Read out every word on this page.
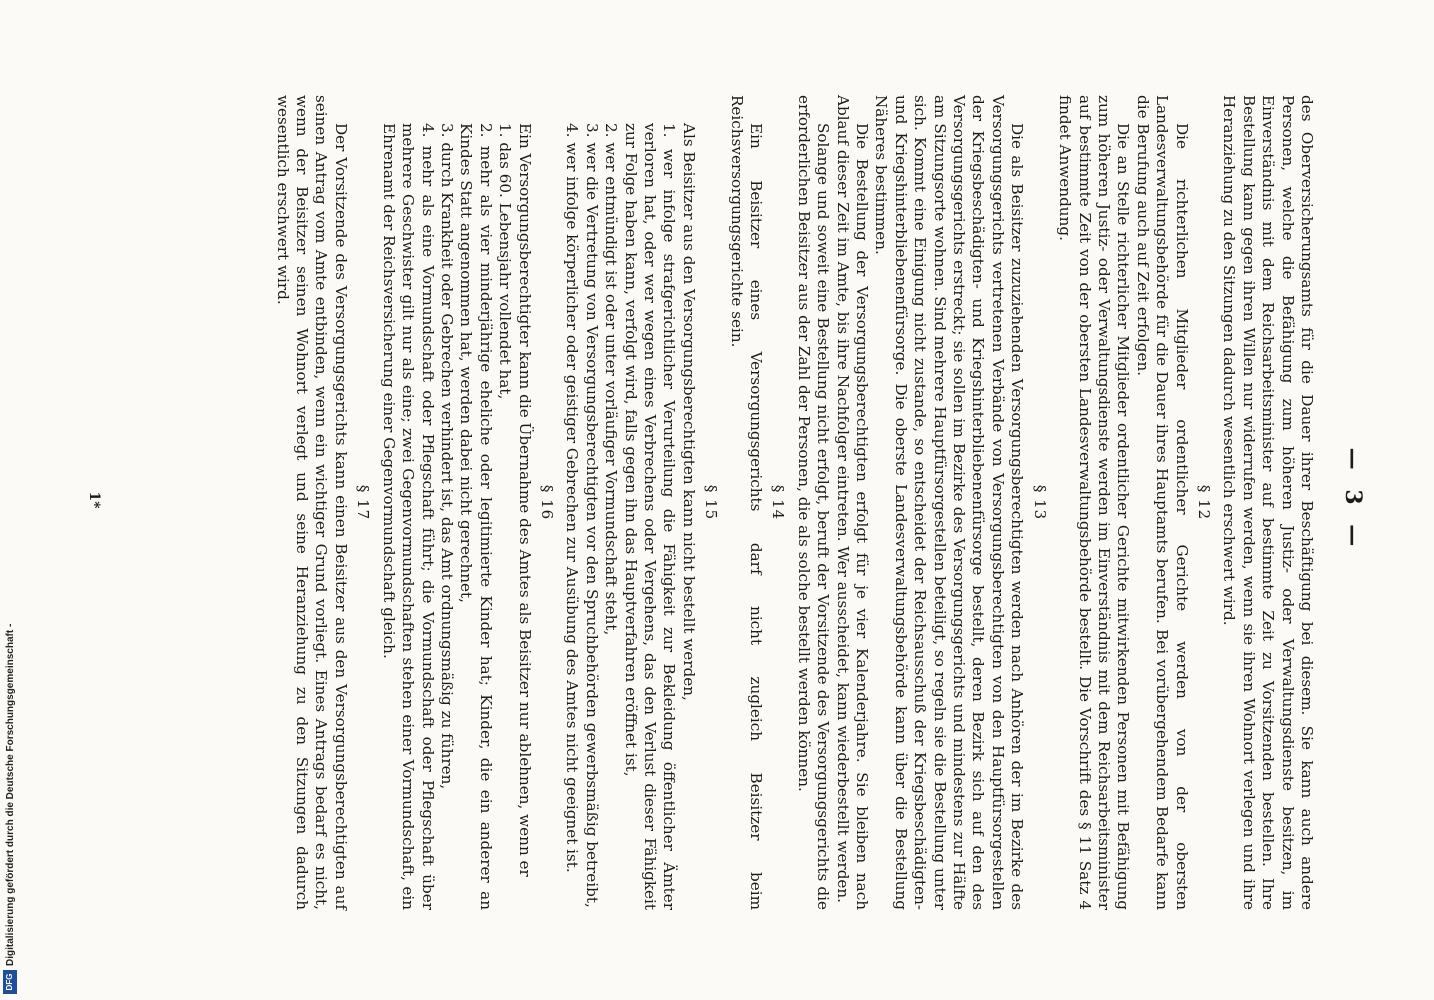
— 3 —

des Oberversicherungsamts für die Dauer ihrer Beschäftigung bei diesem. Sie kann auch andere Personen, welche die Befähigung zum höheren Justiz- oder Verwaltungsdienste besitzen, im Einverständnis mit dem Reichsarbeitsminister auf bestimmte Zeit zu Vorsitzenden bestellen. Ihre Bestellung kann gegen ihren Willen nur widerrufen werden, wenn sie ihren Wohnort verlegen und ihre Heranziehung zu den Sitzungen dadurch wesentlich erschwert wird.

§ 12

Die richterlichen Mitglieder ordentlicher Gerichte werden von der obersten Landesverwaltungsbehörde für die Dauer ihres Hauptamts berufen. Bei vorübergehendem Bedarfe kann die Berufung auch auf Zeit erfolgen.

Die an Stelle richterlicher Mitglieder ordentlicher Gerichte mitwirkenden Personen mit Befähigung zum höheren Justiz- oder Verwaltungsdienste werden im Einverständnis mit dem Reichsarbeitsminister auf bestimmte Zeit von der obersten Landesverwaltungsbehörde bestellt. Die Vorschrift des § 11 Satz 4 findet Anwendung.

§ 13

Die als Beisitzer zuzuziehenden Versorgungsberechtigten werden nach Anhören der im Bezirke des Versorgungsgerichts vertretenen Verbände von Versorgungsberechtigten von den Hauptfürsorgestellen der Kriegsbeschädigten- und Kriegshinterbliebenenfürsorge bestellt, deren Bezirk sich auf den des Versorgungsgerichts erstreckt; sie sollen im Bezirke des Versorgungsgerichts und mindestens zur Hälfte am Sitzungsorte wohnen. Sind mehrere Hauptfürsorgestellen beteiligt, so regeln sie die Bestellung unter sich. Kommt eine Einigung nicht zustande, so entscheidet der Reichsausschuß der Kriegsbeschädigten- und Kriegshinterbliebenenfürsorge. Die oberste Landesverwaltungsbehörde kann über die Bestellung Näheres bestimmen.

Die Bestellung der Versorgungsberechtigten erfolgt für je vier Kalenderjahre. Sie bleiben nach Ablauf dieser Zeit im Amte, bis ihre Nachfolger eintreten. Wer ausscheidet, kann wiederbestellt werden.

Solange und soweit eine Bestellung nicht erfolgt, beruft der Vorsitzende des Versorgungsgerichts die erforderlichen Beisitzer aus der Zahl der Personen, die als solche bestellt werden können.

§ 14

Ein Beisitzer eines Versorgungsgerichts darf nicht zugleich Beisitzer beim Reichsversorgungsgerichte sein.

§ 15

Als Beisitzer aus den Versorgungsberechtigten kann nicht bestellt werden,

1. wer infolge strafgerichtlicher Verurteilung die Fähigkeit zur Bekleidung öffentlicher Ämter verloren hat, oder wer wegen eines Verbrechens oder Vergehens, das den Verlust dieser Fähigkeit zur Folge haben kann, verfolgt wird, falls gegen ihn das Hauptverfahren eröffnet ist,

2. wer entmündigt ist oder unter vorläufiger Vormundschaft steht,

3. wer die Vertretung von Versorgungsberechtigten vor den Spruchbehörden gewerbsmäßig betreibt,

4. wer infolge körperlicher oder geistiger Gebrechen zur Ausübung des Amtes nicht geeignet ist.

§ 16

Ein Versorgungsberechtigter kann die Übernahme des Amtes als Beisitzer nur ablehnen, wenn er

1. das 60. Lebensjahr vollendet hat,

2. mehr als vier minderjährige eheliche oder legitimierte Kinder hat; Kinder, die ein anderer an Kindes Statt angenommen hat, werden dabei nicht gerechnet,

3. durch Krankheit oder Gebrechen verhindert ist, das Amt ordnungsmäßig zu führen,

4. mehr als eine Vormundschaft oder Pflegschaft führt; die Vormundschaft oder Pflegschaft über mehrere Geschwister gilt nur als eine; zwei Gegenvormundschaften stehen einer Vormundschaft, ein Ehrenamt der Reichsversicherung einer Gegenvormundschaft gleich.

§ 17

Der Vorsitzende des Versorgungsgerichts kann einen Beisitzer aus den Versorgungsberechtigten auf seinen Antrag vom Amte entbinden, wenn ein wichtiger Grund vorliegt. Eines Antrags bedarf es nicht, wenn der Beisitzer seinen Wohnort verlegt und seine Heranziehung zu den Sitzungen dadurch wesentlich erschwert wird.

1*
DFG
Digitalisierung gefördert durch die Deutsche Forschungsgemeinschaft -
